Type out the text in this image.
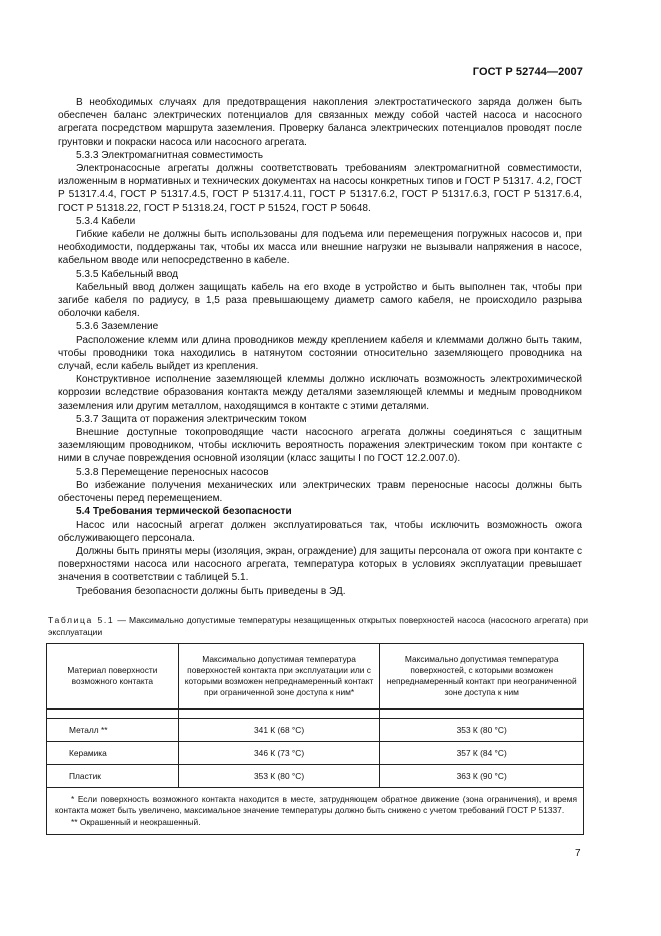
ГОСТ Р 52744—2007

В необходимых случаях для предотвращения накопления электростатического заряда должен быть обеспечен баланс электрических потенциалов для связанных между собой частей насоса и насосного агрегата посредством маршрута заземления. Проверку баланса электрических потенциалов проводят после грунтовки и покраски насоса или насосного агрегата.

5.3.3 Электромагнитная совместимость

Электронасосные агрегаты должны соответствовать требованиям электромагнитной совместимости, изложенным в нормативных и технических документах на насосы конкретных типов и ГОСТ Р 51317. 4.2, ГОСТ Р 51317.4.4, ГОСТ Р 51317.4.5, ГОСТ Р 51317.4.11, ГОСТ Р 51317.6.2, ГОСТ Р 51317.6.3, ГОСТ Р 51317.6.4, ГОСТ Р 51318.22, ГОСТ Р 51318.24, ГОСТ Р 51524, ГОСТ Р 50648.

5.3.4 Кабели

Гибкие кабели не должны быть использованы для подъема или перемещения погружных насосов и, при необходимости, поддержаны так, чтобы их масса или внешние нагрузки не вызывали напряжения в насосе, кабельном вводе или непосредственно в кабеле.

5.3.5 Кабельный ввод

Кабельный ввод должен защищать кабель на его входе в устройство и быть выполнен так, чтобы при загибе кабеля по радиусу, в 1,5 раза превышающему диаметр самого кабеля, не происходило разрыва оболочки кабеля.

5.3.6 Заземление

Расположение клемм или длина проводников между креплением кабеля и клеммами должно быть таким, чтобы проводники тока находились в натянутом состоянии относительно заземляющего проводника на случай, если кабель выйдет из крепления.

Конструктивное исполнение заземляющей клеммы должно исключать возможность электрохимической коррозии вследствие образования контакта между деталями заземляющей клеммы и медным проводником заземления или другим металлом, находящимся в контакте с этими деталями.

5.3.7 Защита от поражения электрическим током

Внешние доступные токопроводящие части насосного агрегата должны соединяться с защитным заземляющим проводником, чтобы исключить вероятность поражения электрическим током при контакте с ними в случае повреждения основной изоляции (класс защиты I по ГОСТ 12.2.007.0).

5.3.8 Перемещение переносных насосов

Во избежание получения механических или электрических травм переносные насосы должны быть обесточены перед перемещением.

5.4 Требования термической безопасности

Насос или насосный агрегат должен эксплуатироваться так, чтобы исключить возможность ожога обслуживающего персонала.

Должны быть приняты меры (изоляция, экран, ограждение) для защиты персонала от ожога при контакте с поверхностями насоса или насосного агрегата, температура которых в условиях эксплуатации превышает значения в соответствии с таблицей 5.1.

Требования безопасности должны быть приведены в ЭД.

Таблица 5.1 — Максимально допустимые температуры незащищенных открытых поверхностей насоса (насосного агрегата) при эксплуатации
Материал поверхности возможного контакта	Максимально допустимая температура поверхностей контакта при эксплуатации или с которыми возможен непреднамеренный контакт при ограниченной зоне доступа к ним*	Максимально допустимая температура поверхностей, с которыми возможен непреднамеренный контакт при неограниченной зоне доступа к ним

Металл **	341 К (68 °С)	353 К (80 °С)
Керамика	346 К (73 °С)	357 К (84 °С)
Пластик	353 К (80 °С)	363 К (90 °С)

* Если поверхность возможного контакта находится в месте, затрудняющем обратное движение (зона ограничения), и время контакта может быть увеличено, максимальное значение температуры должно быть снижено с учетом требований ГОСТ Р 51337.

** Окрашенный и неокрашенный.		

7
